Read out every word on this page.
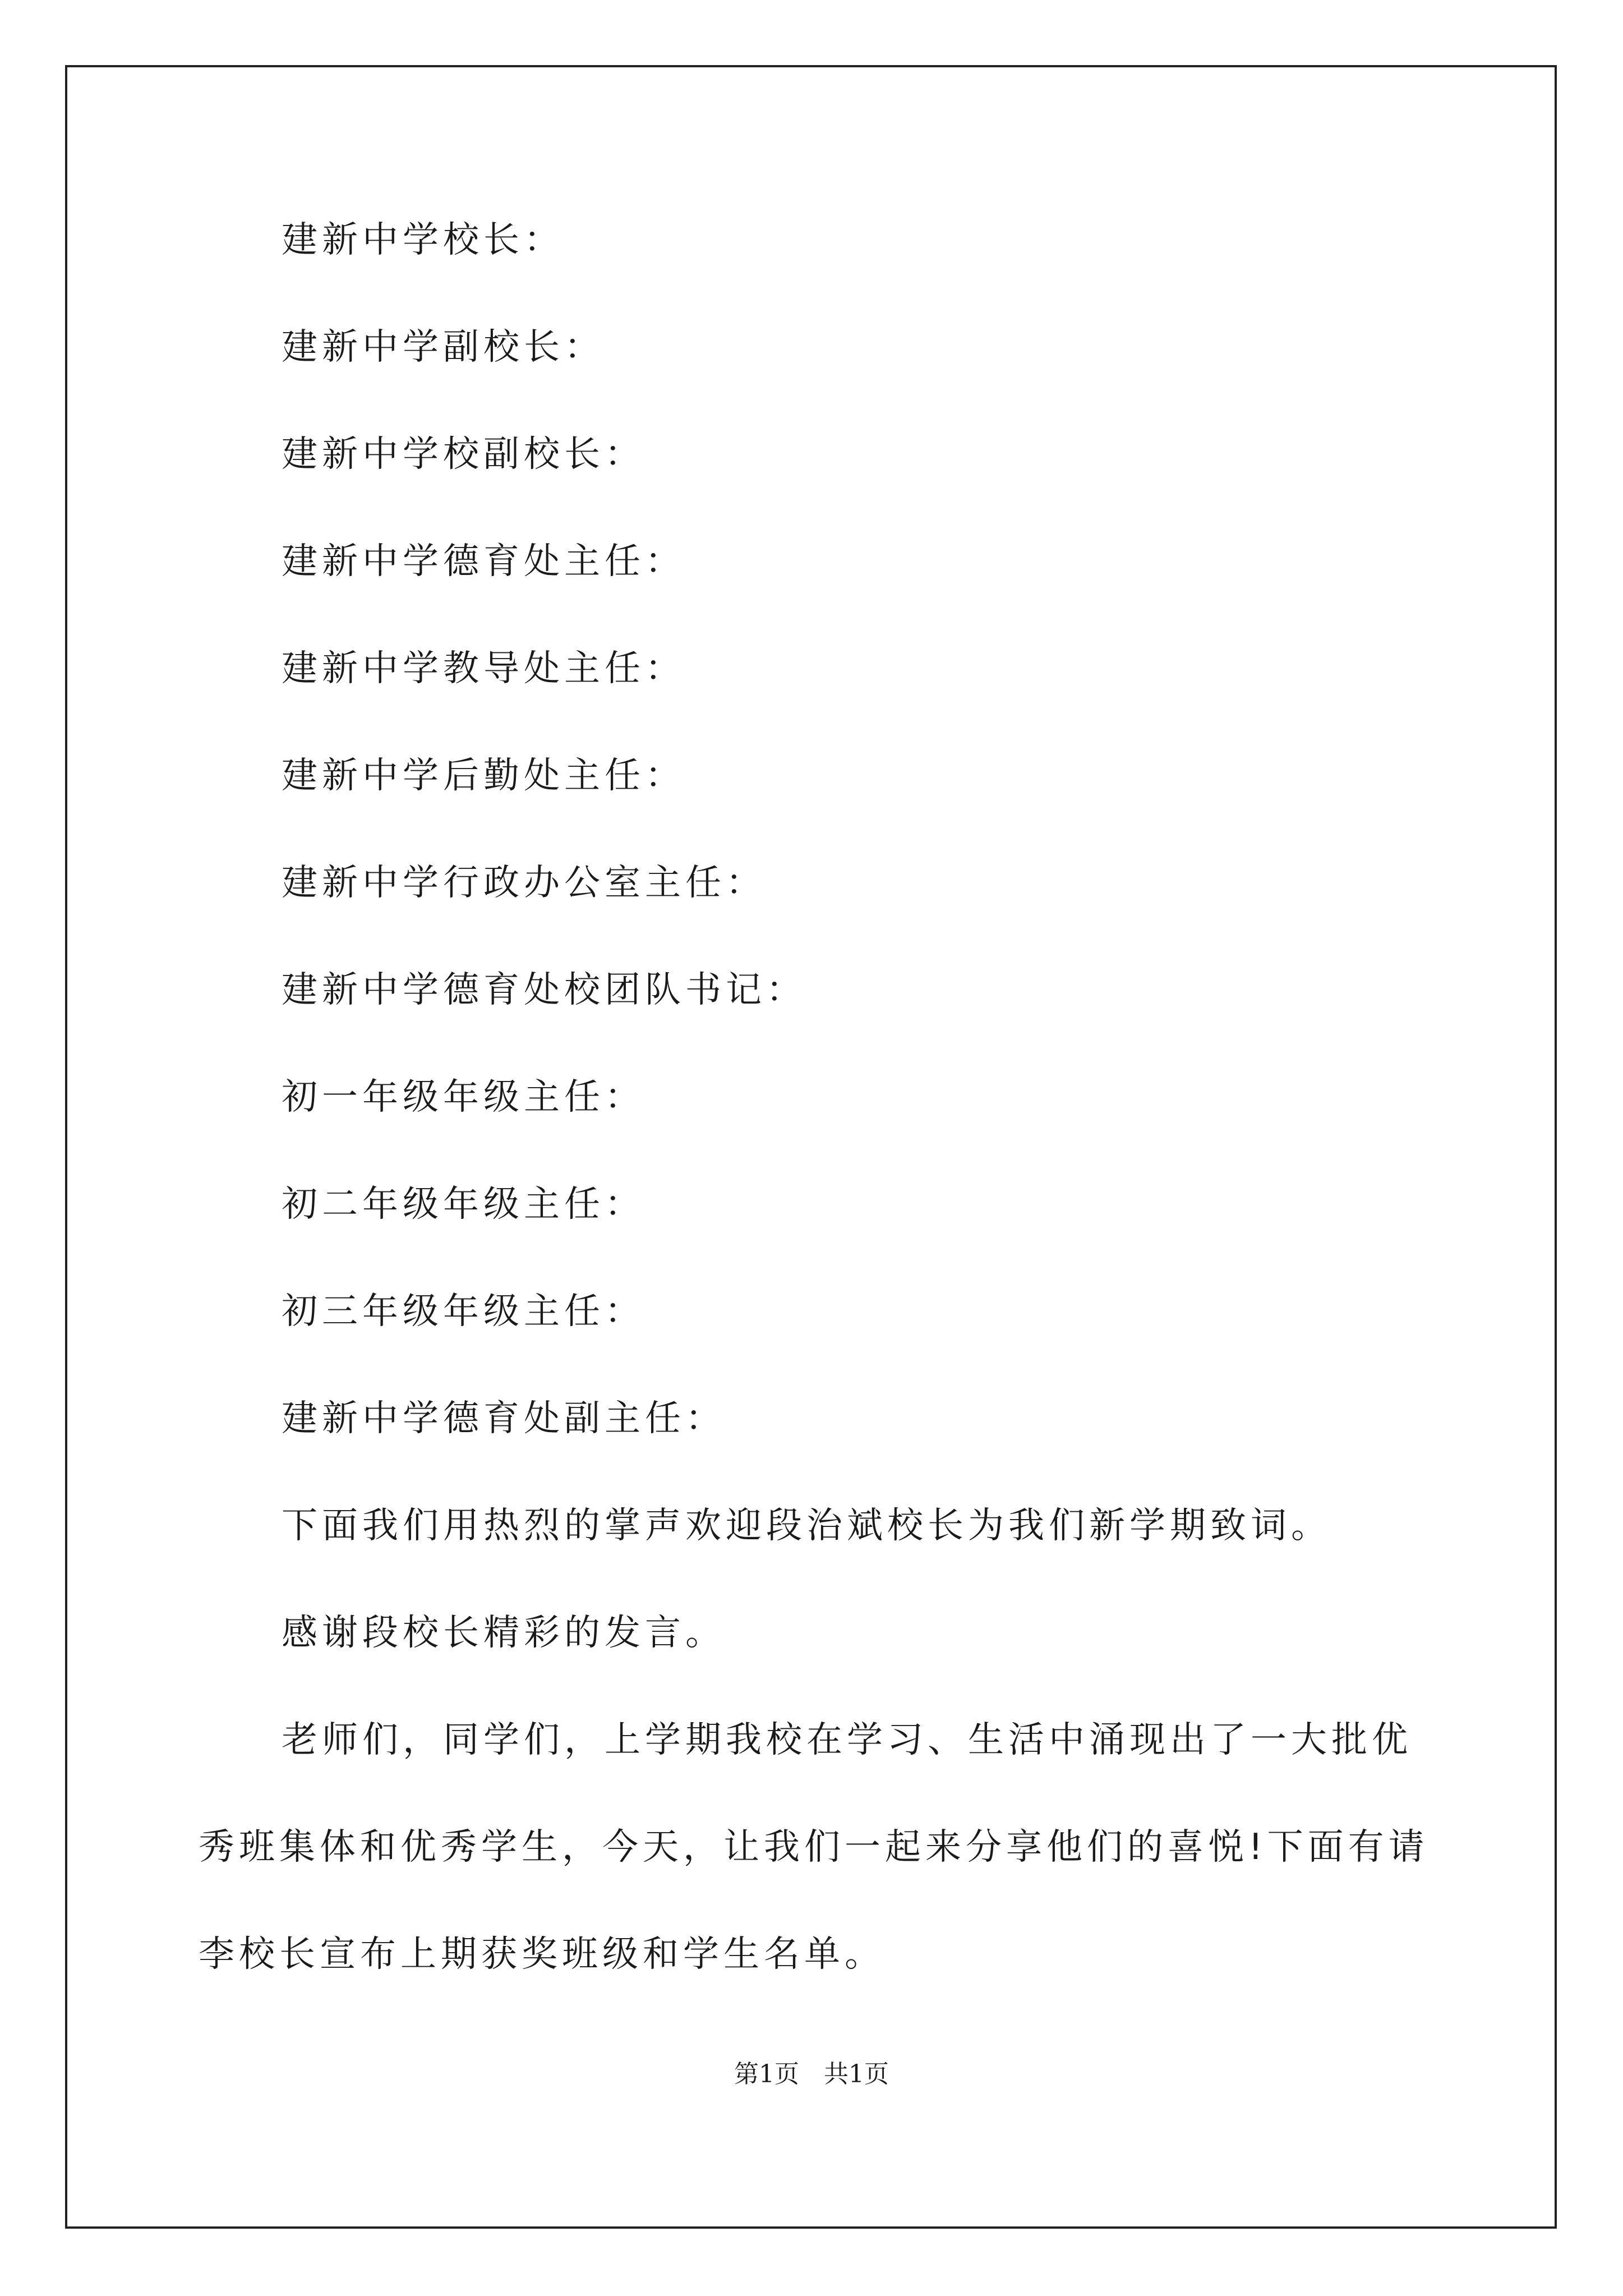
建新中学校长：
建新中学副校长：
建新中学校副校长：
建新中学德育处主任：
建新中学教导处主任：
建新中学后勤处主任：
建新中学行政办公室主任：
建新中学德育处校团队书记：
初一年级年级主任：
初二年级年级主任：
初三年级年级主任：
建新中学德育处副主任：
下面我们用热烈的掌声欢迎段治斌校长为我们新学期致词。
感谢段校长精彩的发言。
老师们，同学们，上学期我校在学习、生活中涌现出了一大批优
秀班集体和优秀学生，今天，让我们一起来分享他们的喜悦!下面有请
李校长宣布上期获奖班级和学生名单。
第1页　共1页
